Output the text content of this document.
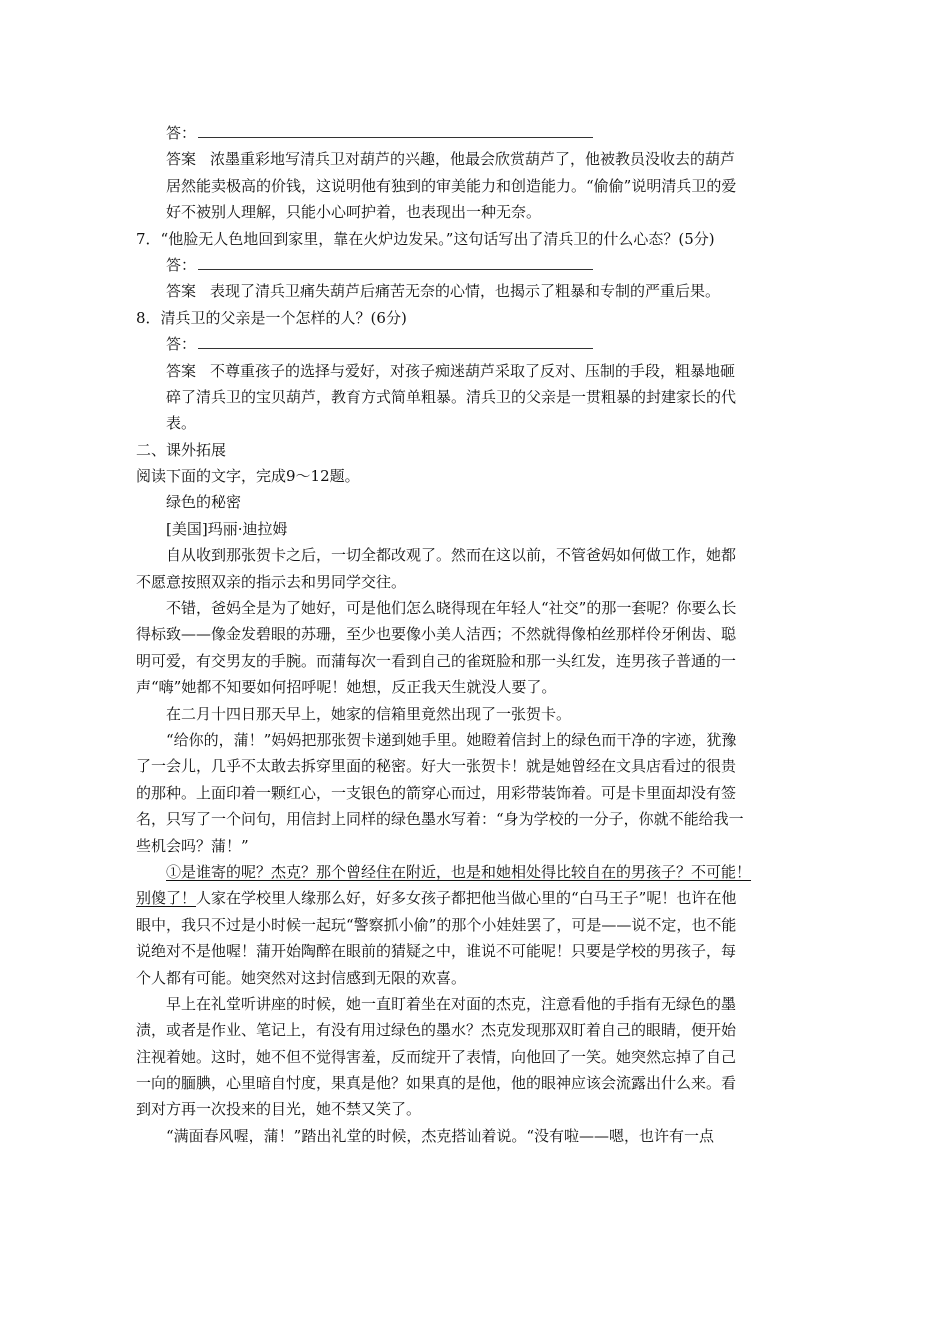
答：
答案 浓墨重彩地写清兵卫对葫芦的兴趣，他最会欣赏葫芦了，他被教员没收去的葫芦
居然能卖极高的价钱，这说明他有独到的审美能力和创造能力。“偷偷”说明清兵卫的爱
好不被别人理解，只能小心呵护着，也表现出一种无奈。
7．“他脸无人色地回到家里，靠在火炉边发呆。”这句话写出了清兵卫的什么心态？(5分)
答：
答案 表现了清兵卫痛失葫芦后痛苦无奈的心情，也揭示了粗暴和专制的严重后果。
8．清兵卫的父亲是一个怎样的人？(6分)
答：
答案 不尊重孩子的选择与爱好，对孩子痴迷葫芦采取了反对、压制的手段，粗暴地砸
碎了清兵卫的宝贝葫芦，教育方式简单粗暴。清兵卫的父亲是一贯粗暴的封建家长的代
表。
二、课外拓展
阅读下面的文字，完成9～12题。
绿色的秘密
[美国]玛丽·迪拉姆
自从收到那张贺卡之后，一切全都改观了。然而在这以前，不管爸妈如何做工作，她都
不愿意按照双亲的指示去和男同学交往。
不错，爸妈全是为了她好，可是他们怎么晓得现在年轻人“社交”的那一套呢？你要么长
得标致——像金发碧眼的苏珊，至少也要像小美人洁西；不然就得像柏丝那样伶牙俐齿、聪
明可爱，有交男友的手腕。而蒲每次一看到自己的雀斑脸和那一头红发，连男孩子普通的一
声“嗨”她都不知要如何招呼呢！她想，反正我天生就没人要了。
在二月十四日那天早上，她家的信箱里竟然出现了一张贺卡。
“给你的，蒲！”妈妈把那张贺卡递到她手里。她瞪着信封上的绿色而干净的字迹，犹豫
了一会儿，几乎不太敢去拆穿里面的秘密。好大一张贺卡！就是她曾经在文具店看过的很贵
的那种。上面印着一颗红心，一支银色的箭穿心而过，用彩带装饰着。可是卡里面却没有签
名，只写了一个问句，用信封上同样的绿色墨水写着：“身为学校的一分子，你就不能给我一
些机会吗？蒲！”
①是谁寄的呢？杰克？那个曾经住在附近，也是和她相处得比较自在的男孩子？不可能！
别傻了！人家在学校里人缘那么好，好多女孩子都把他当做心里的“白马王子”呢！也许在他
眼中，我只不过是小时候一起玩“警察抓小偷”的那个小娃娃罢了，可是——说不定，也不能
说绝对不是他喔！蒲开始陶醉在眼前的猜疑之中，谁说不可能呢！只要是学校的男孩子，每
个人都有可能。她突然对这封信感到无限的欢喜。
早上在礼堂听讲座的时候，她一直盯着坐在对面的杰克，注意看他的手指有无绿色的墨
渍，或者是作业、笔记上，有没有用过绿色的墨水？杰克发现那双盯着自己的眼睛，便开始
注视着她。这时，她不但不觉得害羞，反而绽开了表情，向他回了一笑。她突然忘掉了自己
一向的腼腆，心里暗自忖度，果真是他？如果真的是他，他的眼神应该会流露出什么来。看
到对方再一次投来的目光，她不禁又笑了。
“满面春风喔，蒲！”踏出礼堂的时候，杰克搭讪着说。“没有啦——嗯，也许有一点
